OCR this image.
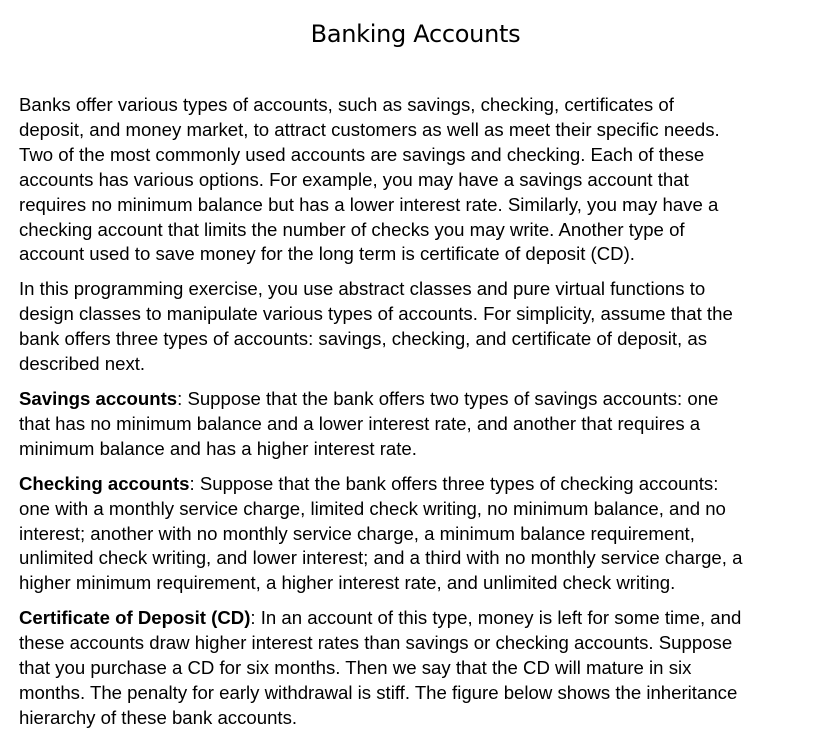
Banking Accounts
Banks offer various types of accounts, such as savings, checking, certificates of
deposit, and money market, to attract customers as well as meet their specific needs.
Two of the most commonly used accounts are savings and checking. Each of these
accounts has various options. For example, you may have a savings account that
requires no minimum balance but has a lower interest rate. Similarly, you may have a
checking account that limits the number of checks you may write. Another type of
account used to save money for the long term is certificate of deposit (CD).
In this programming exercise, you use abstract classes and pure virtual functions to
design classes to manipulate various types of accounts. For simplicity, assume that the
bank offers three types of accounts: savings, checking, and certificate of deposit, as
described next.
Savings accounts: Suppose that the bank offers two types of savings accounts: one
that has no minimum balance and a lower interest rate, and another that requires a
minimum balance and has a higher interest rate.
Checking accounts: Suppose that the bank offers three types of checking accounts:
one with a monthly service charge, limited check writing, no minimum balance, and no
interest; another with no monthly service charge, a minimum balance requirement,
unlimited check writing, and lower interest; and a third with no monthly service charge, a
higher minimum requirement, a higher interest rate, and unlimited check writing.
Certificate of Deposit (CD): In an account of this type, money is left for some time, and
these accounts draw higher interest rates than savings or checking accounts. Suppose
that you purchase a CD for six months. Then we say that the CD will mature in six
months. The penalty for early withdrawal is stiff. The figure below shows the inheritance
hierarchy of these bank accounts.
